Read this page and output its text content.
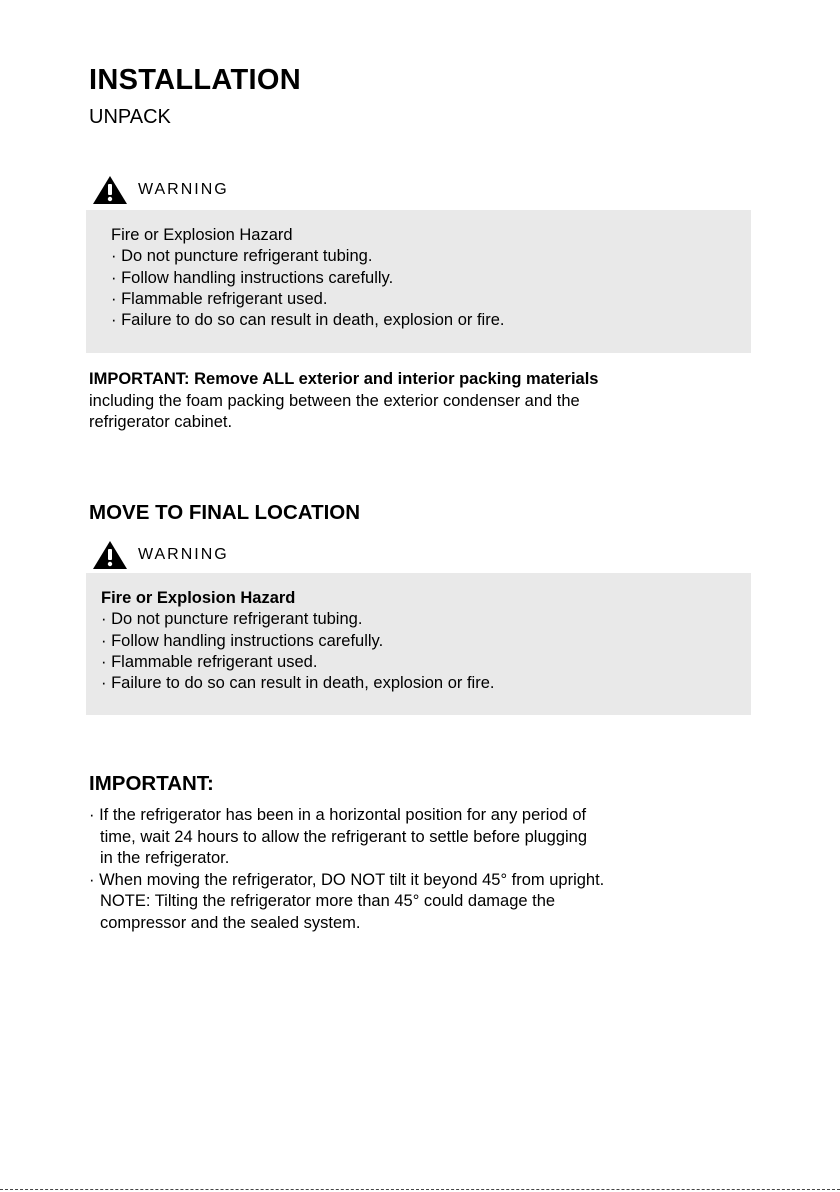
INSTALLATION
UNPACK
WARNING
Fire or Explosion Hazard
· Do not puncture refrigerant tubing.
· Follow handling instructions carefully.
· Flammable refrigerant used.
· Failure to do so can result in death, explosion or fire.
IMPORTANT: Remove ALL exterior and interior packing materials
including the foam packing between the exterior condenser and the
refrigerator cabinet.
MOVE TO FINAL LOCATION
WARNING
Fire or Explosion Hazard
· Do not puncture refrigerant tubing.
· Follow handling instructions carefully.
· Flammable refrigerant used.
· Failure to do so can result in death, explosion or fire.
IMPORTANT:
· If the refrigerator has been in a horizontal position for any period of
time, wait 24 hours to allow the refrigerant to settle before plugging
in the refrigerator.
· When moving the refrigerator, DO NOT tilt it beyond 45° from upright.
NOTE: Tilting the refrigerator more than 45° could damage the
compressor and the sealed system.
